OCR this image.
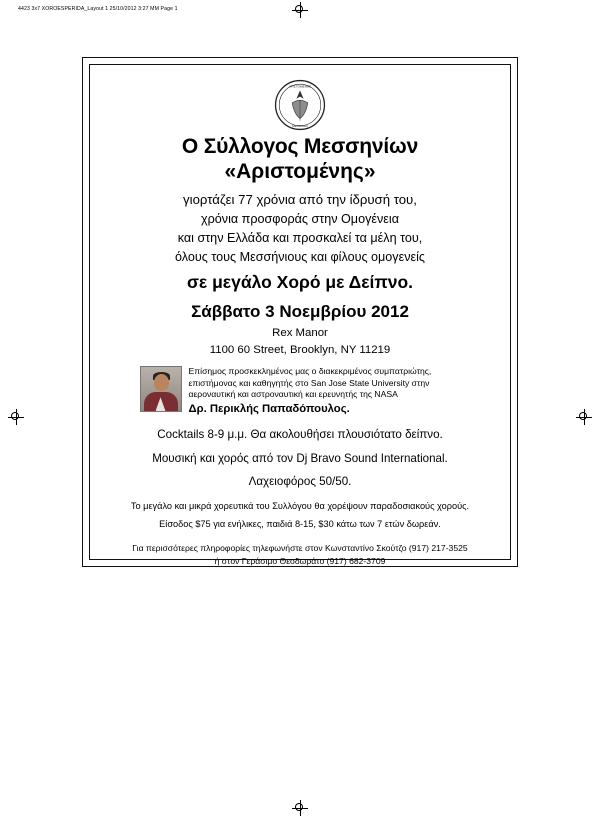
4423 3x7 XOROESPERIDA_Layout 1 25/10/2012 3:27 MM Page 1
ΑΡΙΣΤΟΜΕΝΗΣ
MESSINIAN
Ο Σύλλογος Μεσσηνίων
«Αριστομένης»
γιορτάζει 77 χρόνια από την ίδρυσή του,
χρόνια προσφοράς στην Ομογένεια
και στην Ελλάδα και προσκαλεί τα μέλη του,
όλους τους Μεσσήνιους και φίλους ομογενείς
σε μεγάλο Χορό με Δείπνο.
Σάββατο 3 Νοεμβρίου 2012
Rex Manor
1100 60 Street, Brooklyn, NY 11219
Επίσημος προσκεκλημένος μας ο διακεκριμένος συμπατριώτης, επιστήμονας και καθηγητής στο San Jose State University στην αεροναυτική και αστροναυτική και ερευνητής της NASA
Δρ. Περικλής Παπαδόπουλος.
Cocktails 8-9 μ.μ. Θα ακολουθήσει πλουσιότατο δείπνο.
Μουσική και χορός από τον Dj Bravo Sound International.
Λαχειοφόρος 50/50.
Το μεγάλο και μικρά χορευτικά του Συλλόγου θα χορέψουν παραδοσιακούς χορούς.
Είσοδος $75 για ενήλικες, παιδιά 8-15, $30 κάτω των 7 ετών δωρεάν.
Για περισσότερες πληροφορίες τηλεφωνήστε στον Κωνσταντίνο Σκούτζο (917) 217-3525
ή στον Γεράσιμο Θεοδωράτο (917) 682-3709
